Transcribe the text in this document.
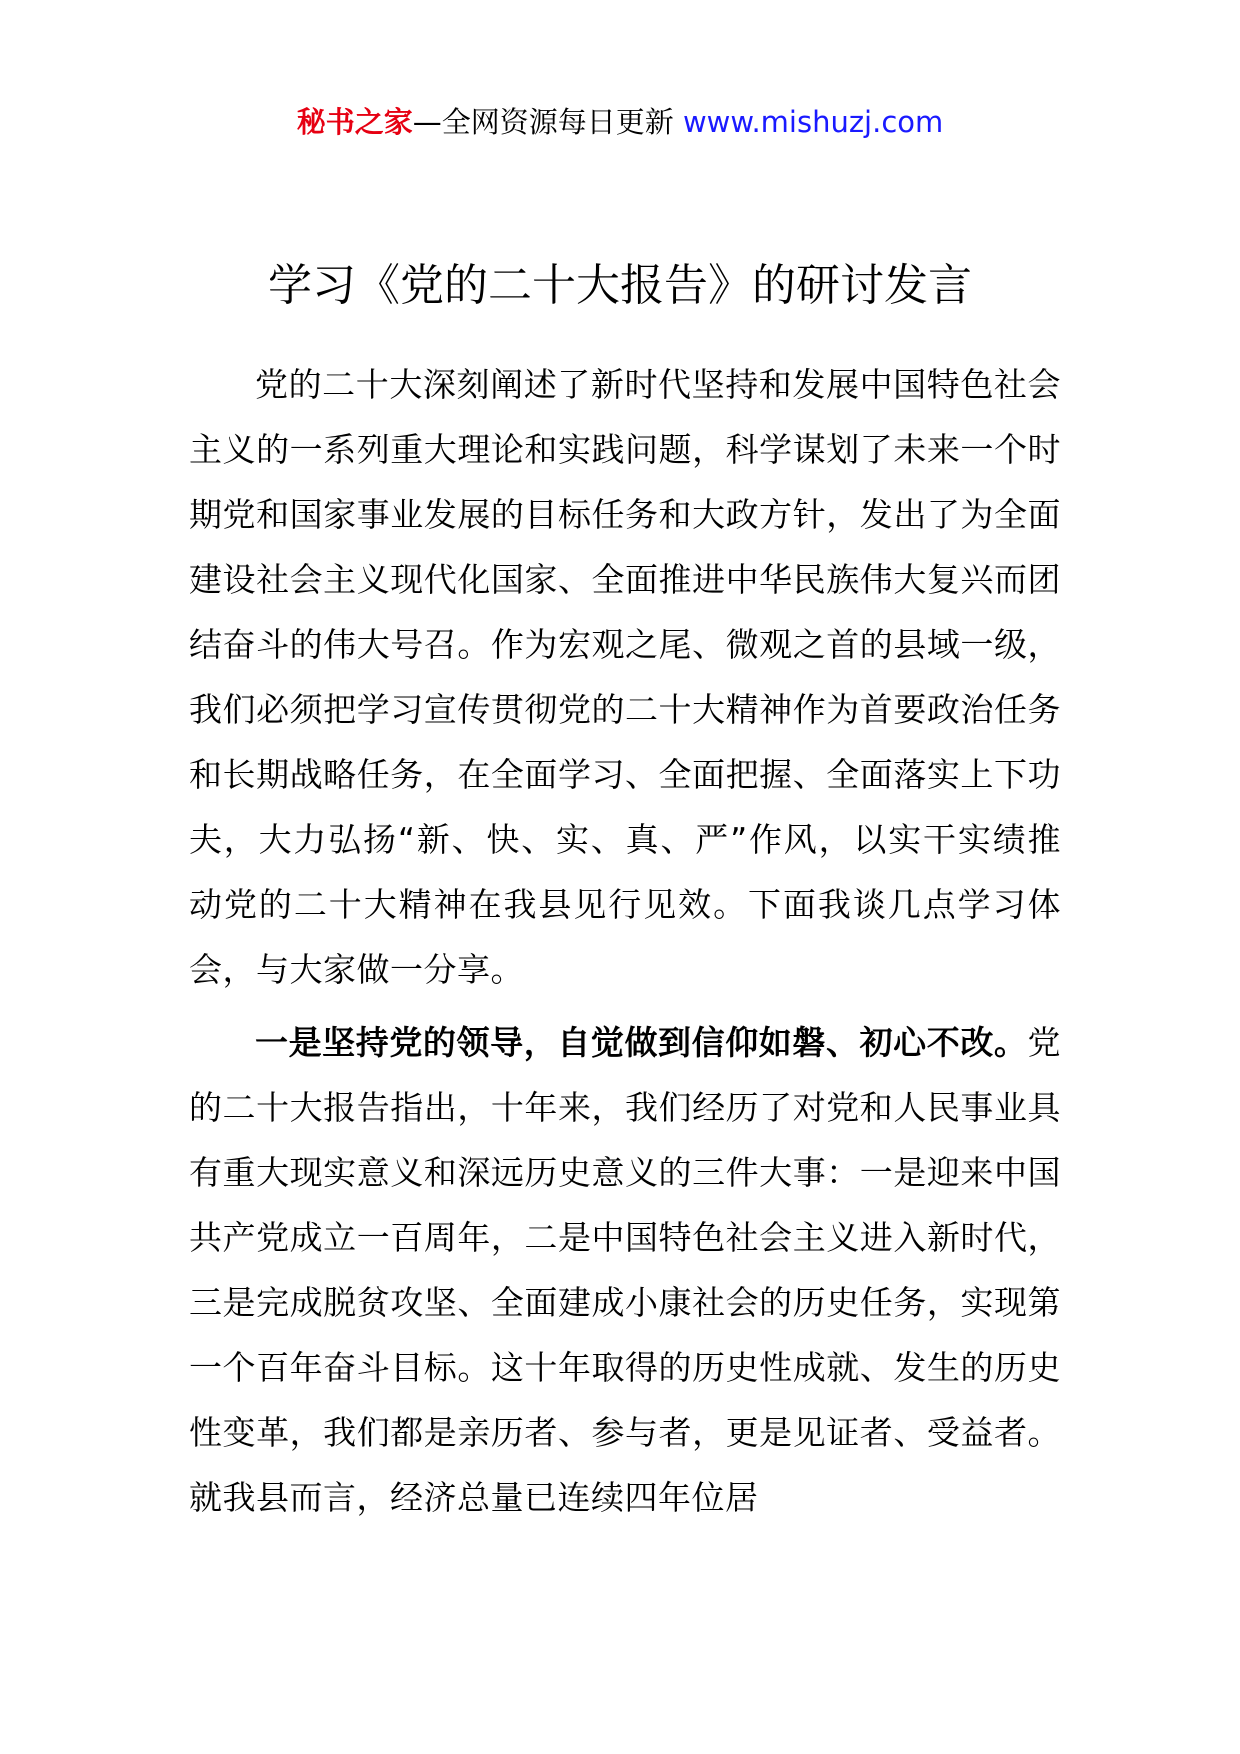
秘书之家—全网资源每日更新 www.mishuzj.com
学习《党的二十大报告》的研讨发言

党的二十大深刻阐述了新时代坚持和发展中国特色社会主义的一系列重大理论和实践问题，科学谋划了未来一个时期党和国家事业发展的目标任务和大政方针，发出了为全面建设社会主义现代化国家、全面推进中华民族伟大复兴而团结奋斗的伟大号召。作为宏观之尾、微观之首的县域一级，我们必须把学习宣传贯彻党的二十大精神作为首要政治任务和长期战略任务，在全面学习、全面把握、全面落实上下功夫，大力弘扬“新、快、实、真、严”作风，以实干实绩推动党的二十大精神在我县见行见效。下面我谈几点学习体会，与大家做一分享。

一是坚持党的领导，自觉做到信仰如磐、初心不改。党的二十大报告指出，十年来，我们经历了对党和人民事业具有重大现实意义和深远历史意义的三件大事：一是迎来中国共产党成立一百周年，二是中国特色社会主义进入新时代，三是完成脱贫攻坚、全面建成小康社会的历史任务，实现第一个百年奋斗目标。这十年取得的历史性成就、发生的历史性变革，我们都是亲历者、参与者，更是见证者、受益者。就我县而言，经济总量已连续四年位居
